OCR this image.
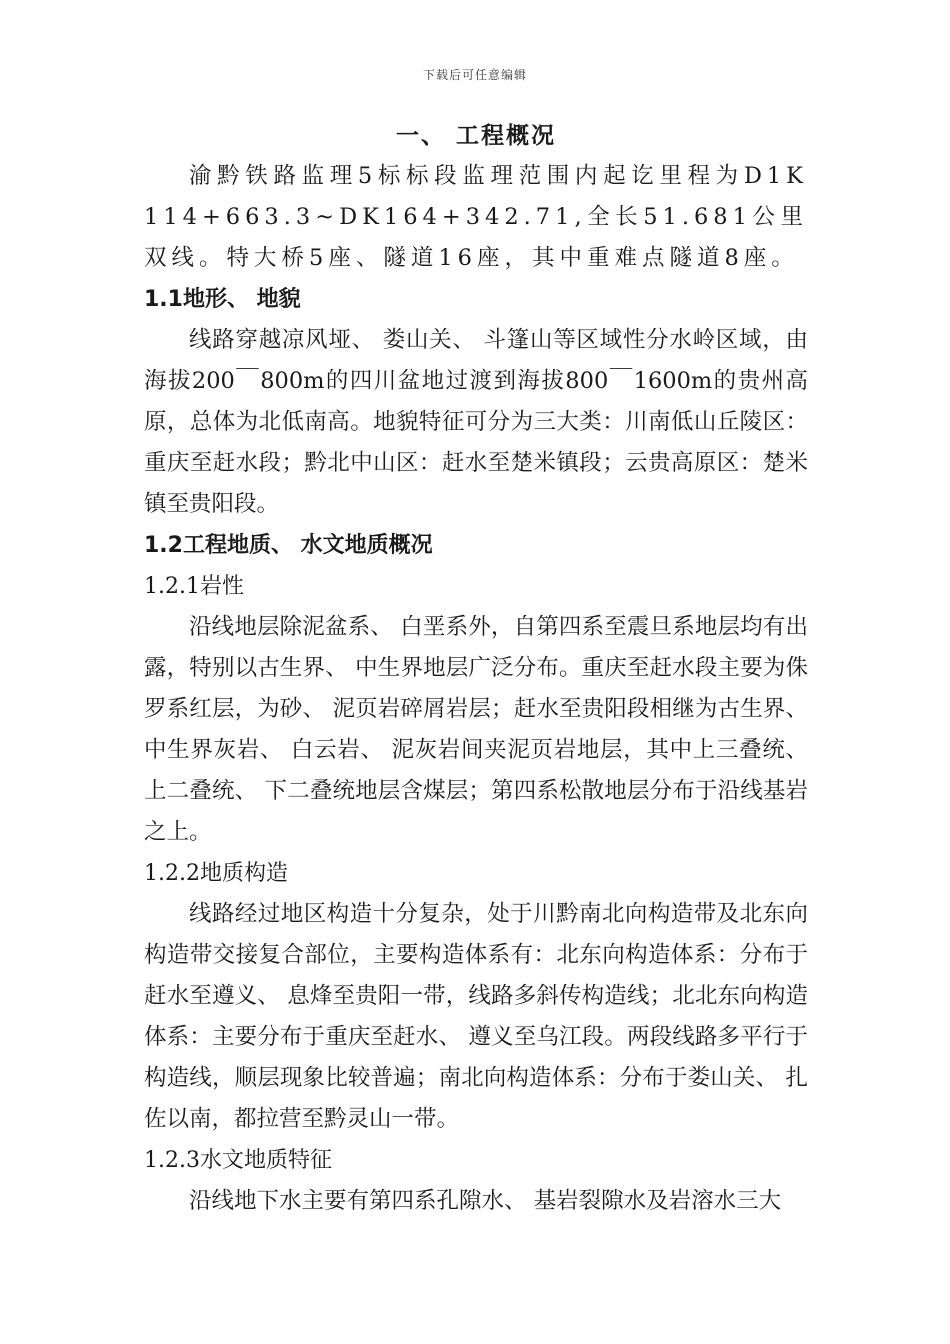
下载后可任意编辑
一、 工程概况

渝黔铁路监理5标标段监理范围内起讫里程为D1K114+663.3~DK164+342.71,全长51.681公里双线。特大桥5座、隧道16座，其中重难点隧道8座。

1.1地形、 地貌

线路穿越凉风垭、 娄山关、 斗篷山等区域性分水岭区域，由海拔200￣800m的四川盆地过渡到海拔800￣1600m的贵州高原，总体为北低南高。地貌特征可分为三大类：川南低山丘陵区：重庆至赶水段；黔北中山区：赶水至楚米镇段；云贵高原区：楚米镇至贵阳段。

1.2工程地质、 水文地质概况
1.2.1岩性

沿线地层除泥盆系、 白垩系外，自第四系至震旦系地层均有出露，特别以古生界、 中生界地层广泛分布。重庆至赶水段主要为侏罗系红层，为砂、 泥页岩碎屑岩层；赶水至贵阳段相继为古生界、 中生界灰岩、 白云岩、 泥灰岩间夹泥页岩地层，其中上三叠统、 上二叠统、 下二叠统地层含煤层；第四系松散地层分布于沿线基岩之上。

1.2.2地质构造

线路经过地区构造十分复杂，处于川黔南北向构造带及北东向构造带交接复合部位，主要构造体系有：北东向构造体系：分布于赶水至遵义、 息烽至贵阳一带，线路多斜传构造线；北北东向构造体系：主要分布于重庆至赶水、 遵义至乌江段。两段线路多平行于构造线，顺层现象比较普遍；南北向构造体系：分布于娄山关、 扎佐以南，都拉营至黔灵山一带。

1.2.3水文地质特征

沿线地下水主要有第四系孔隙水、 基岩裂隙水及岩溶水三大
